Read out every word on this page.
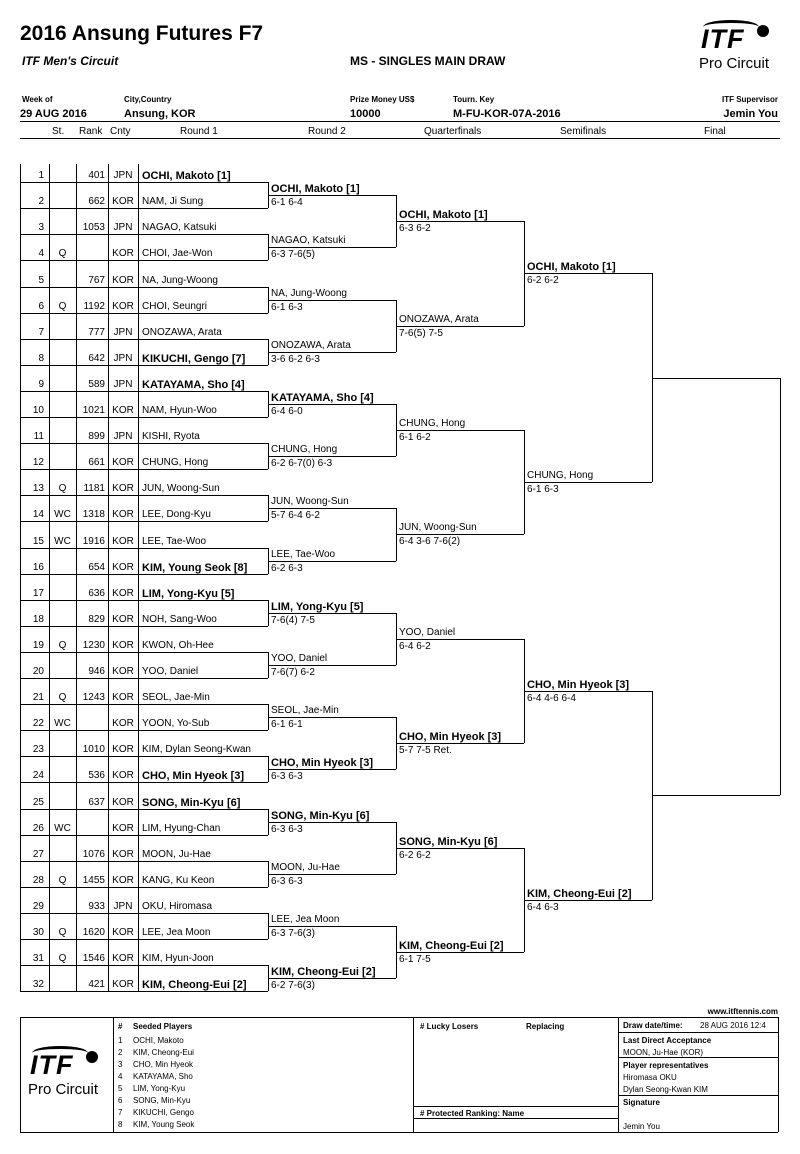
2016 Ansung Futures F7
ITF Men's Circuit	MS - SINGLES MAIN DRAW
ITF
Pro Circuit
Week of
29 AUG 2016
City,Country
Ansung, KOR
Prize Money US$
10000
Tourn. Key
M-FU-KOR-07A-2016
ITF Supervisor
Jemin You
St. Rank Cnty	Round 1	Round 2	Quarterfinals	Semifinals	Final
1	401 JPN OCHI, Makoto [1]
2	662 KOR NAM, Ji Sung
3	1053 JPN NAGAO, Katsuki
4	Q	KOR CHOI, Jae-Won
5	767 KOR NA, Jung-Woong
6	Q	1192 KOR CHOI, Seungri
7	777 JPN ONOZAWA, Arata
8	642 JPN KIKUCHI, Gengo [7]
9	589 JPN KATAYAMA, Sho [4]
10	1021 KOR NAM, Hyun-Woo
11	899 JPN KISHI, Ryota
12	661 KOR CHUNG, Hong
13	Q	1181 KOR JUN, Woong-Sun
14	WC	1318 KOR LEE, Dong-Kyu
15	WC	1916 KOR LEE, Tae-Woo
16	654 KOR KIM, Young Seok [8]
17	636 KOR LIM, Yong-Kyu [5]
18	829 KOR NOH, Sang-Woo
19	Q	1230 KOR KWON, Oh-Hee
20	946 KOR YOO, Daniel
21	Q	1243 KOR SEOL, Jae-Min
22	WC	KOR YOON, Yo-Sub
23	1010 KOR KIM, Dylan Seong-Kwan
24	536 KOR CHO, Min Hyeok [3]
25	637 KOR SONG, Min-Kyu [6]
26	WC	KOR LIM, Hyung-Chan
27	1076 KOR MOON, Ju-Hae
28	Q	1455 KOR KANG, Ku Keon
29	933 JPN OKU, Hiromasa
30	Q	1620 KOR LEE, Jea Moon
31	Q	1546 KOR KIM, Hyun-Joon
32	421 KOR KIM, Cheong-Eui [2]
OCHI, Makoto [1]
6-1 6-4
NAGAO, Katsuki
6-3 7-6(5)
NA, Jung-Woong
6-1 6-3
ONOZAWA, Arata
3-6 6-2 6-3
KATAYAMA, Sho [4]
6-4 6-0
CHUNG, Hong
6-2 6-7(0) 6-3
JUN, Woong-Sun
5-7 6-4 6-2
LEE, Tae-Woo
6-2 6-3
LIM, Yong-Kyu [5]
7-6(4) 7-5
YOO, Daniel
7-6(7) 6-2
SEOL, Jae-Min
6-1 6-1
CHO, Min Hyeok [3]
6-3 6-3
SONG, Min-Kyu [6]
6-3 6-3
MOON, Ju-Hae
6-3 6-3
LEE, Jea Moon
6-3 7-6(3)
KIM, Cheong-Eui [2]
6-2 7-6(3)
OCHI, Makoto [1]
6-3 6-2
ONOZAWA, Arata
7-6(5) 7-5
CHUNG, Hong
6-1 6-2
JUN, Woong-Sun
6-4 3-6 7-6(2)
YOO, Daniel
6-4 6-2
CHO, Min Hyeok [3]
5-7 7-5 Ret.
SONG, Min-Kyu [6]
6-2 6-2
KIM, Cheong-Eui [2]
6-1 7-5
OCHI, Makoto [1]
6-2 6-2
CHUNG, Hong
6-1 6-3
CHO, Min Hyeok [3]
6-4 4-6 6-4
KIM, Cheong-Eui [2]
6-4 6-3
www.itftennis.com
ITF
Pro Circuit
# Seeded Players
1 OCHI, Makoto
2 KIM, Cheong-Eui
3 CHO, Min Hyeok
4 KATAYAMA, Sho
5 LIM, Yong-Kyu
6 SONG, Min-Kyu
7 KIKUCHI, Gengo
8 KIM, Young Seok
# Lucky Losers	Replacing
# Protected Ranking: Name
Draw date/time: 28 AUG 2016 12:4
Last Direct Acceptance
MOON, Ju-Hae (KOR)
Player representatives
Hiromasa OKU
Dylan Seong-Kwan KIM
Signature
Jemin You
